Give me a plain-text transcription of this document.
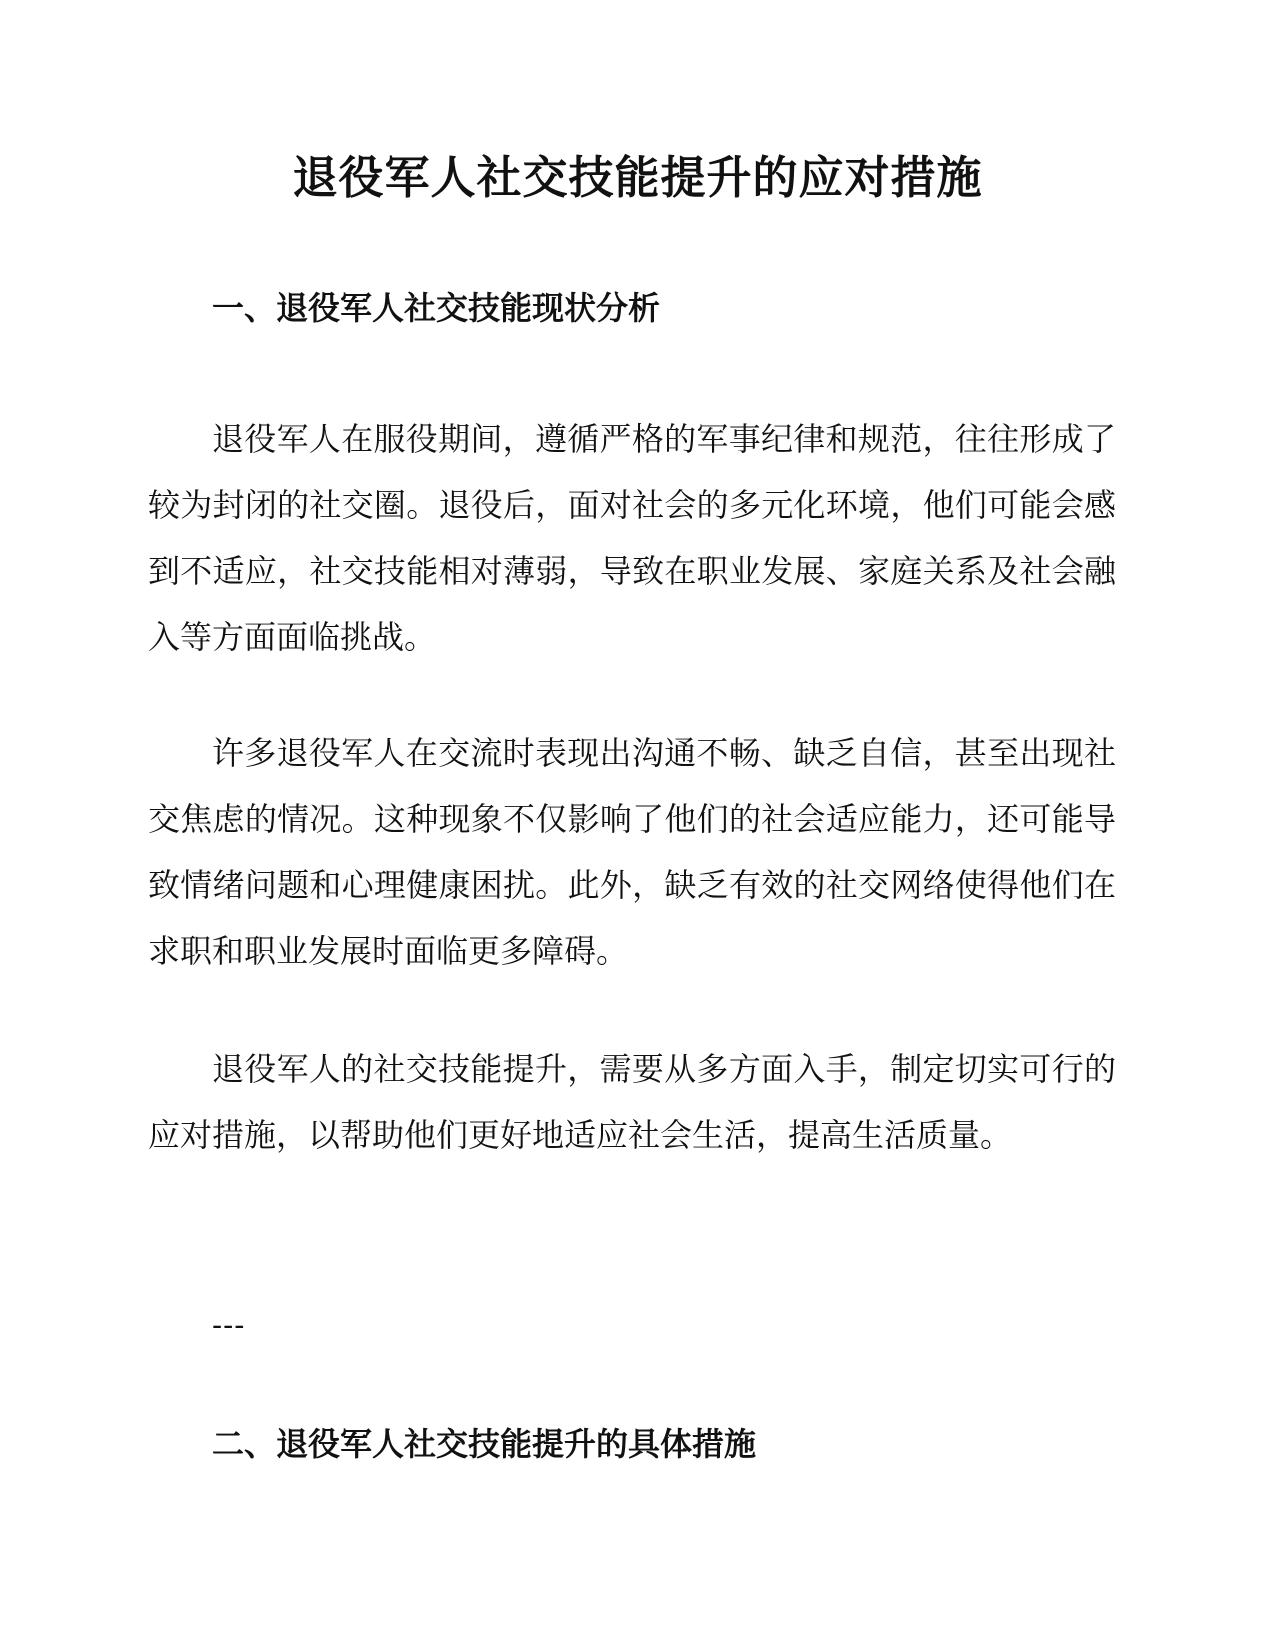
退役军人社交技能提升的应对措施
一、退役军人社交技能现状分析

退役军人在服役期间，遵循严格的军事纪律和规范，往往形成了较为封闭的社交圈。退役后，面对社会的多元化环境，他们可能会感到不适应，社交技能相对薄弱，导致在职业发展、家庭关系及社会融入等方面面临挑战。

许多退役军人在交流时表现出沟通不畅、缺乏自信，甚至出现社交焦虑的情况。这种现象不仅影响了他们的社会适应能力，还可能导致情绪问题和心理健康困扰。此外，缺乏有效的社交网络使得他们在求职和职业发展时面临更多障碍。

退役军人的社交技能提升，需要从多方面入手，制定切实可行的应对措施，以帮助他们更好地适应社会生活，提高生活质量。

---
二、退役军人社交技能提升的具体措施
